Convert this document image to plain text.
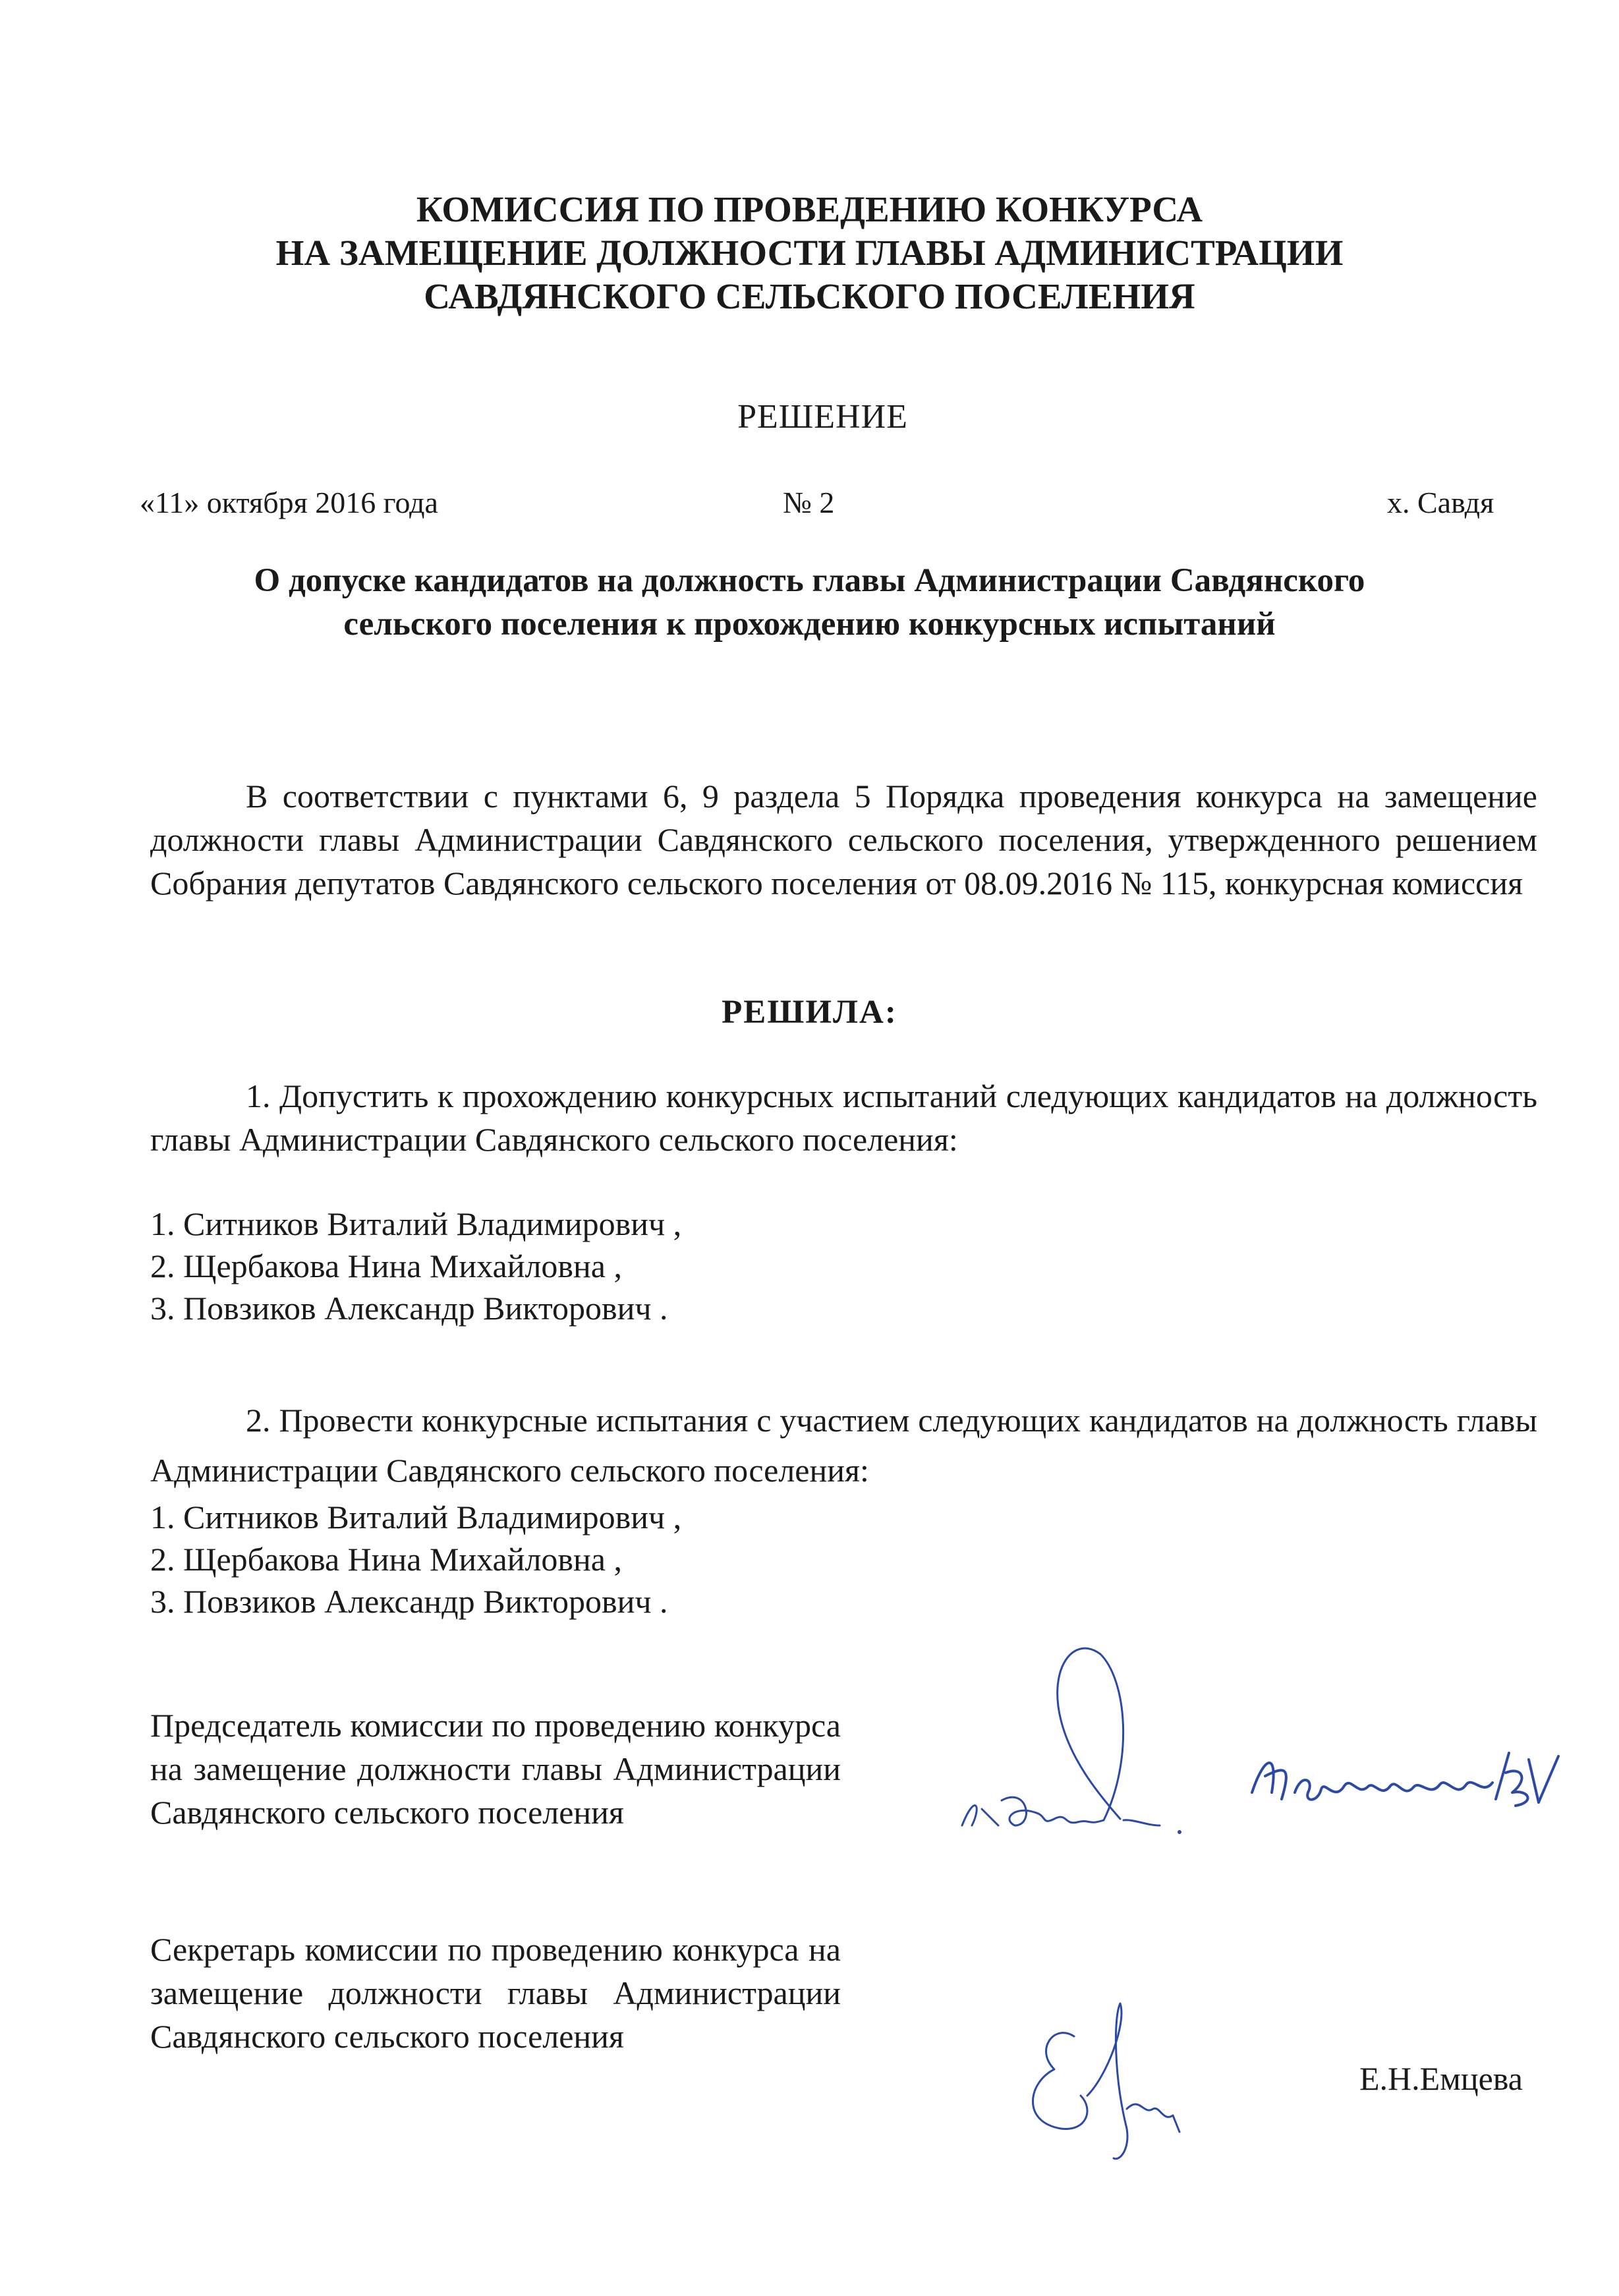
КОМИССИЯ ПО ПРОВЕДЕНИЮ КОНКУРСА
НА ЗАМЕЩЕНИЕ ДОЛЖНОСТИ ГЛАВЫ АДМИНИСТРАЦИИ
САВДЯНСКОГО СЕЛЬСКОГО ПОСЕЛЕНИЯ
РЕШЕНИЕ
«11» октября 2016 года	№ 2	х. Савдя
О допуске кандидатов на должность главы Администрации Савдянского
сельского поселения к прохождению конкурсных испытаний

В соответствии с пунктами 6, 9 раздела 5 Порядка проведения конкурса на замещение должности главы Администрации Савдянского сельского поселения, утвержденного решением Собрания депутатов Савдянского сельского поселения от 08.09.2016 № 115, конкурсная комиссия

РЕШИЛА:

1. Допустить к прохождению конкурсных испытаний следующих кандидатов на должность главы Администрации Савдянского сельского поселения:

1. Ситников Виталий Владимирович ,
2. Щербакова Нина Михайловна ,
3. Повзиков Александр Викторович .

2. Провести конкурсные испытания с участием следующих кандидатов на должность главы Администрации Савдянского сельского поселения:

1. Ситников Виталий Владимирович ,
2. Щербакова Нина Михайловна ,
3. Повзиков Александр Викторович .
Председатель комиссии по проведению конкурса на замещение должности главы Администрации Савдянского сельского поселения
Секретарь комиссии по проведению конкурса на замещение должности главы Администрации Савдянского сельского поселения
Е.Н.Емцева
